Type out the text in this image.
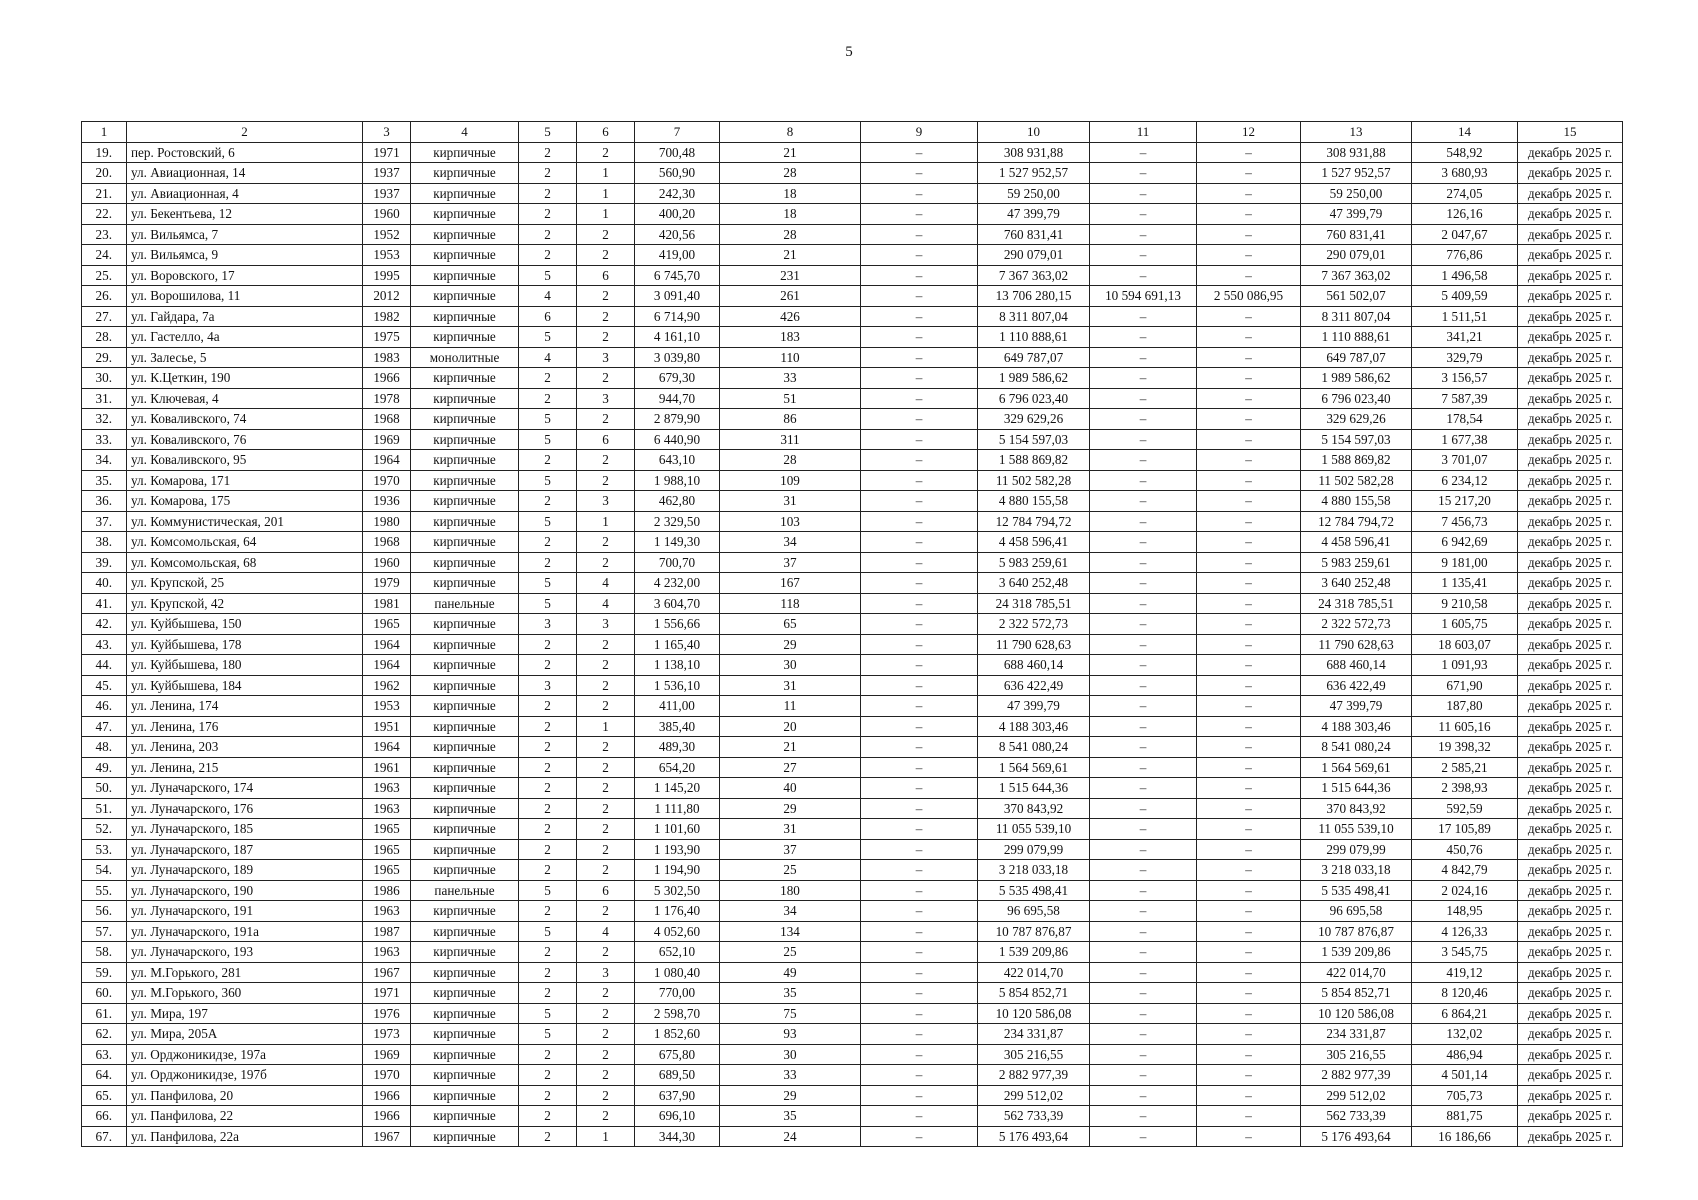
5
1	2	3	4	5	6	7	8	9	10	11	12	13	14	15
19.	пер. Ростовский, 6	1971	кирпичные	2	2	700,48	21	–	308 931,88	–	–	308 931,88	548,92	декабрь 2025 г.
20.	ул. Авиационная, 14	1937	кирпичные	2	1	560,90	28	–	1 527 952,57	–	–	1 527 952,57	3 680,93	декабрь 2025 г.
21.	ул. Авиационная, 4	1937	кирпичные	2	1	242,30	18	–	59 250,00	–	–	59 250,00	274,05	декабрь 2025 г.
22.	ул. Бекентьева, 12	1960	кирпичные	2	1	400,20	18	–	47 399,79	–	–	47 399,79	126,16	декабрь 2025 г.
23.	ул. Вильямса, 7	1952	кирпичные	2	2	420,56	28	–	760 831,41	–	–	760 831,41	2 047,67	декабрь 2025 г.
24.	ул. Вильямса, 9	1953	кирпичные	2	2	419,00	21	–	290 079,01	–	–	290 079,01	776,86	декабрь 2025 г.
25.	ул. Воровского, 17	1995	кирпичные	5	6	6 745,70	231	–	7 367 363,02	–	–	7 367 363,02	1 496,58	декабрь 2025 г.
26.	ул. Ворошилова, 11	2012	кирпичные	4	2	3 091,40	261	–	13 706 280,15	10 594 691,13	2 550 086,95	561 502,07	5 409,59	декабрь 2025 г.
27.	ул. Гайдара, 7а	1982	кирпичные	6	2	6 714,90	426	–	8 311 807,04	–	–	8 311 807,04	1 511,51	декабрь 2025 г.
28.	ул. Гастелло, 4а	1975	кирпичные	5	2	4 161,10	183	–	1 110 888,61	–	–	1 110 888,61	341,21	декабрь 2025 г.
29.	ул. Залесье, 5	1983	монолитные	4	3	3 039,80	110	–	649 787,07	–	–	649 787,07	329,79	декабрь 2025 г.
30.	ул. К.Цеткин, 190	1966	кирпичные	2	2	679,30	33	–	1 989 586,62	–	–	1 989 586,62	3 156,57	декабрь 2025 г.
31.	ул. Ключевая, 4	1978	кирпичные	2	3	944,70	51	–	6 796 023,40	–	–	6 796 023,40	7 587,39	декабрь 2025 г.
32.	ул. Коваливского, 74	1968	кирпичные	5	2	2 879,90	86	–	329 629,26	–	–	329 629,26	178,54	декабрь 2025 г.
33.	ул. Коваливского, 76	1969	кирпичные	5	6	6 440,90	311	–	5 154 597,03	–	–	5 154 597,03	1 677,38	декабрь 2025 г.
34.	ул. Коваливского, 95	1964	кирпичные	2	2	643,10	28	–	1 588 869,82	–	–	1 588 869,82	3 701,07	декабрь 2025 г.
35.	ул. Комарова, 171	1970	кирпичные	5	2	1 988,10	109	–	11 502 582,28	–	–	11 502 582,28	6 234,12	декабрь 2025 г.
36.	ул. Комарова, 175	1936	кирпичные	2	3	462,80	31	–	4 880 155,58	–	–	4 880 155,58	15 217,20	декабрь 2025 г.
37.	ул. Коммунистическая, 201	1980	кирпичные	5	1	2 329,50	103	–	12 784 794,72	–	–	12 784 794,72	7 456,73	декабрь 2025 г.
38.	ул. Комсомольская, 64	1968	кирпичные	2	2	1 149,30	34	–	4 458 596,41	–	–	4 458 596,41	6 942,69	декабрь 2025 г.
39.	ул. Комсомольская, 68	1960	кирпичные	2	2	700,70	37	–	5 983 259,61	–	–	5 983 259,61	9 181,00	декабрь 2025 г.
40.	ул. Крупской, 25	1979	кирпичные	5	4	4 232,00	167	–	3 640 252,48	–	–	3 640 252,48	1 135,41	декабрь 2025 г.
41.	ул. Крупской, 42	1981	панельные	5	4	3 604,70	118	–	24 318 785,51	–	–	24 318 785,51	9 210,58	декабрь 2025 г.
42.	ул. Куйбышева, 150	1965	кирпичные	3	3	1 556,66	65	–	2 322 572,73	–	–	2 322 572,73	1 605,75	декабрь 2025 г.
43.	ул. Куйбышева, 178	1964	кирпичные	2	2	1 165,40	29	–	11 790 628,63	–	–	11 790 628,63	18 603,07	декабрь 2025 г.
44.	ул. Куйбышева, 180	1964	кирпичные	2	2	1 138,10	30	–	688 460,14	–	–	688 460,14	1 091,93	декабрь 2025 г.
45.	ул. Куйбышева, 184	1962	кирпичные	3	2	1 536,10	31	–	636 422,49	–	–	636 422,49	671,90	декабрь 2025 г.
46.	ул. Ленина, 174	1953	кирпичные	2	2	411,00	11	–	47 399,79	–	–	47 399,79	187,80	декабрь 2025 г.
47.	ул. Ленина, 176	1951	кирпичные	2	1	385,40	20	–	4 188 303,46	–	–	4 188 303,46	11 605,16	декабрь 2025 г.
48.	ул. Ленина, 203	1964	кирпичные	2	2	489,30	21	–	8 541 080,24	–	–	8 541 080,24	19 398,32	декабрь 2025 г.
49.	ул. Ленина, 215	1961	кирпичные	2	2	654,20	27	–	1 564 569,61	–	–	1 564 569,61	2 585,21	декабрь 2025 г.
50.	ул. Луначарского, 174	1963	кирпичные	2	2	1 145,20	40	–	1 515 644,36	–	–	1 515 644,36	2 398,93	декабрь 2025 г.
51.	ул. Луначарского, 176	1963	кирпичные	2	2	1 111,80	29	–	370 843,92	–	–	370 843,92	592,59	декабрь 2025 г.
52.	ул. Луначарского, 185	1965	кирпичные	2	2	1 101,60	31	–	11 055 539,10	–	–	11 055 539,10	17 105,89	декабрь 2025 г.
53.	ул. Луначарского, 187	1965	кирпичные	2	2	1 193,90	37	–	299 079,99	–	–	299 079,99	450,76	декабрь 2025 г.
54.	ул. Луначарского, 189	1965	кирпичные	2	2	1 194,90	25	–	3 218 033,18	–	–	3 218 033,18	4 842,79	декабрь 2025 г.
55.	ул. Луначарского, 190	1986	панельные	5	6	5 302,50	180	–	5 535 498,41	–	–	5 535 498,41	2 024,16	декабрь 2025 г.
56.	ул. Луначарского, 191	1963	кирпичные	2	2	1 176,40	34	–	96 695,58	–	–	96 695,58	148,95	декабрь 2025 г.
57.	ул. Луначарского, 191а	1987	кирпичные	5	4	4 052,60	134	–	10 787 876,87	–	–	10 787 876,87	4 126,33	декабрь 2025 г.
58.	ул. Луначарского, 193	1963	кирпичные	2	2	652,10	25	–	1 539 209,86	–	–	1 539 209,86	3 545,75	декабрь 2025 г.
59.	ул. М.Горького, 281	1967	кирпичные	2	3	1 080,40	49	–	422 014,70	–	–	422 014,70	419,12	декабрь 2025 г.
60.	ул. М.Горького, 360	1971	кирпичные	2	2	770,00	35	–	5 854 852,71	–	–	5 854 852,71	8 120,46	декабрь 2025 г.
61.	ул. Мира, 197	1976	кирпичные	5	2	2 598,70	75	–	10 120 586,08	–	–	10 120 586,08	6 864,21	декабрь 2025 г.
62.	ул. Мира, 205А	1973	кирпичные	5	2	1 852,60	93	–	234 331,87	–	–	234 331,87	132,02	декабрь 2025 г.
63.	ул. Орджоникидзе, 197а	1969	кирпичные	2	2	675,80	30	–	305 216,55	–	–	305 216,55	486,94	декабрь 2025 г.
64.	ул. Орджоникидзе, 197б	1970	кирпичные	2	2	689,50	33	–	2 882 977,39	–	–	2 882 977,39	4 501,14	декабрь 2025 г.
65.	ул. Панфилова, 20	1966	кирпичные	2	2	637,90	29	–	299 512,02	–	–	299 512,02	705,73	декабрь 2025 г.
66.	ул. Панфилова, 22	1966	кирпичные	2	2	696,10	35	–	562 733,39	–	–	562 733,39	881,75	декабрь 2025 г.
67.	ул. Панфилова, 22а	1967	кирпичные	2	1	344,30	24	–	5 176 493,64	–	–	5 176 493,64	16 186,66	декабрь 2025 г.
